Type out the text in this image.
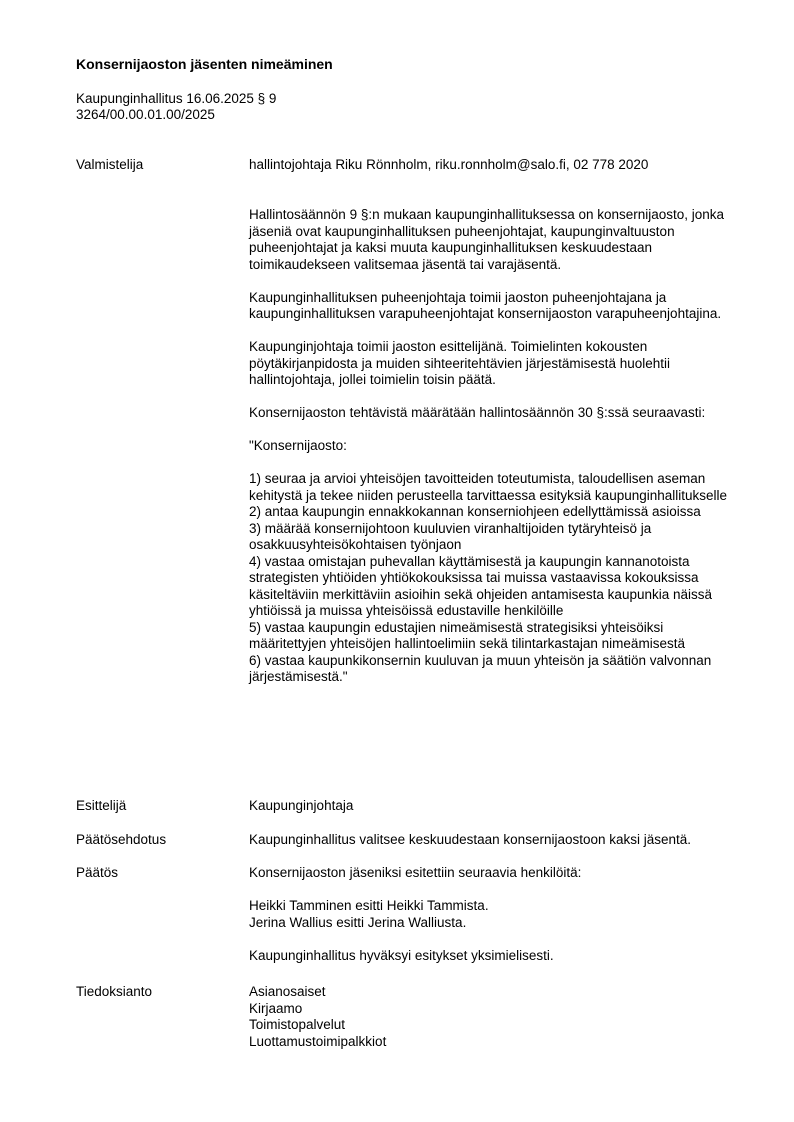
Konsernijaoston jäsenten nimeäminen
Kaupunginhallitus 16.06.2025 § 9
3264/00.00.01.00/2025
Valmistelija	hallintojohtaja Riku Rönnholm, riku.ronnholm@salo.fi, 02 778 2020

Hallintosäännön 9 §:n mukaan kaupunginhallituksessa on konsernijaosto, jonka jäseniä ovat kaupunginhallituksen puheenjohtajat, kaupunginvaltuuston puheenjohtajat ja kaksi muuta kaupunginhallituksen keskuudestaan toimikaudekseen valitsemaa jäsentä tai varajäsentä.

Kaupunginhallituksen puheenjohtaja toimii jaoston puheenjohtajana ja kaupunginhallituksen varapuheenjohtajat konsernijaoston varapuheenjohtajina.

Kaupunginjohtaja toimii jaoston esittelijänä. Toimielinten kokousten pöytäkirjanpidosta ja muiden sihteeritehtävien järjestämisestä huolehtii hallintojohtaja, jollei toimielin toisin päätä.

Konsernijaoston tehtävistä määrätään hallintosäännön 30 §:ssä seuraavasti:

"Konsernijaosto:

1) seuraa ja arvioi yhteisöjen tavoitteiden toteutumista, taloudellisen aseman kehitystä ja tekee niiden perusteella tarvittaessa esityksiä kaupunginhallitukselle
2) antaa kaupungin ennakkokannan konserniohjeen edellyttämissä asioissa
3) määrää konsernijohtoon kuuluvien viranhaltijoiden tytäryhteisö ja osakkuusyhteisökohtaisen työnjaon
4) vastaa omistajan puhevallan käyttämisestä ja kaupungin kannanotoista strategisten yhtiöiden yhtiökokouksissa tai muissa vastaavissa kokouksissa käsiteltäviin merkittäviin asioihin sekä ohjeiden antamisesta kaupunkia näissä yhtiöissä ja muissa yhteisöissä edustaville henkilöille
5) vastaa kaupungin edustajien nimeämisestä strategisiksi yhteisöiksi määritettyjen yhteisöjen hallintoelimiin sekä tilintarkastajan nimeämisestä
6) vastaa kaupunkikonsernin kuuluvan ja muun yhteisön ja säätiön valvonnan järjestämisestä."
Esittelijä	Kaupunginjohtaja
Päätösehdotus	Kaupunginhallitus valitsee keskuudestaan konsernijaostoon kaksi jäsentä.
Päätös	Konsernijaoston jäseniksi esitettiin seuraavia henkilöitä:

Heikki Tamminen esitti Heikki Tammista.

Jerina Wallius esitti Jerina Walliusta.

Kaupunginhallitus hyväksyi esitykset yksimielisesti.

Tiedoksianto	Asianosaiset

Kirjaamo

Toimistopalvelut

Luottamustoimipalkkiot
